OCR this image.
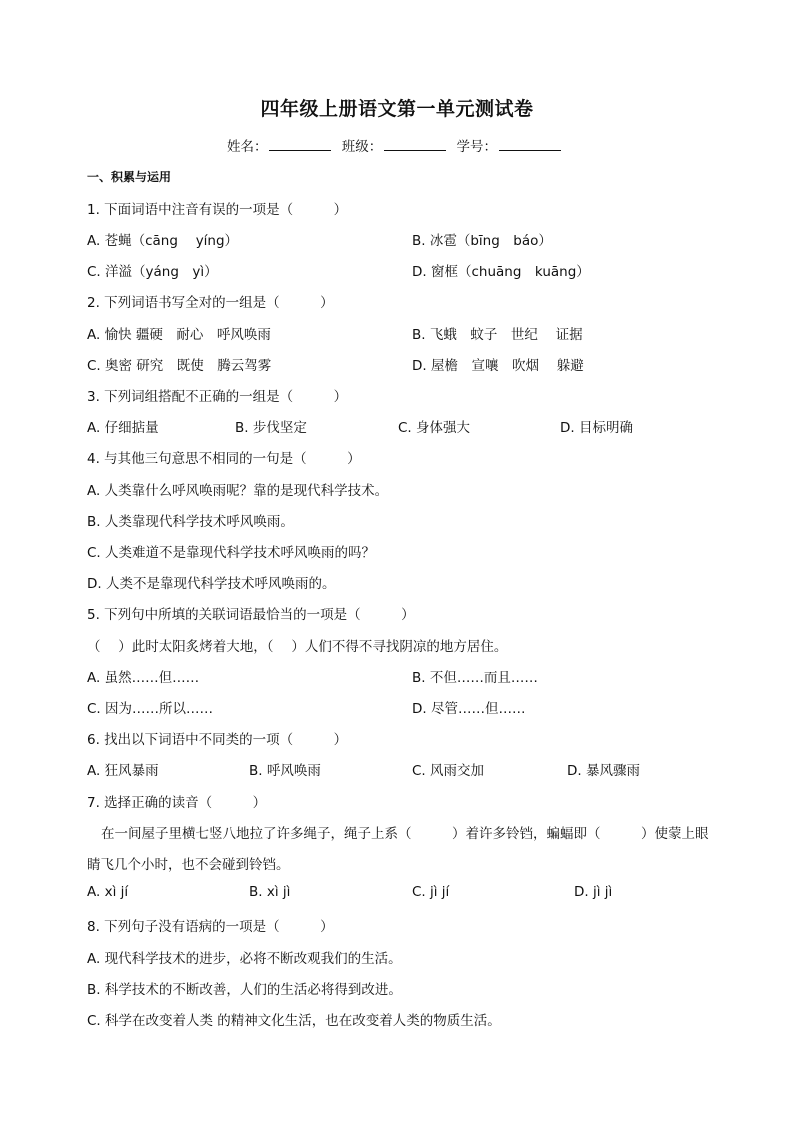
四年级上册语文第一单元测试卷
姓名：	班级：	学号：
一、积累与运用
1. 下面词语中注音有误的一项是（　　　）
A. 苍蝇（cāng　 yíng）	B. 冰雹（bīng　báo）
C. 洋溢（yáng　yì）	D. 窗框（chuāng　kuāng）
2. 下列词语书写全对的一组是（　　　）
A. 愉快 疆硬　耐心　呼风唤雨	B. 飞蛾　蚊子　世纪　 证据
C. 奥密 研究　既使　腾云驾雾	D. 屋檐　宣嚷　吹烟　 躲避
3. 下列词组搭配不正确的一组是（　　　）
A. 仔细掂量	B. 步伐坚定	C. 身体强大	D. 目标明确
4. 与其他三句意思不相同的一句是（　　　）
A. 人类靠什么呼风唤雨呢？靠的是现代科学技术。
B. 人类靠现代科学技术呼风唤雨。
C. 人类难道不是靠现代科学技术呼风唤雨的吗？
D. 人类不是靠现代科学技术呼风唤雨的。
5. 下列句中所填的关联词语最恰当的一项是（　　　）
（　 ）此时太阳炙烤着大地，（　 ）人们不得不寻找阴凉的地方居住。
A. 虽然……但……	B. 不但……而且……
C. 因为……所以……	D. 尽管……但……
6. 找出以下词语中不同类的一项（　　　）
A. 狂风暴雨	B. 呼风唤雨	C. 风雨交加	D. 暴风骤雨
7. 选择正确的读音（　　　）
在一间屋子里横七竖八地拉了许多绳子，绳子上系（　　　）着许多铃铛，蝙蝠即（　　　）使蒙上眼
睛飞几个小时，也不会碰到铃铛。
A. xì jí	B. xì jì	C. jì jí	D. jì jì
8. 下列句子没有语病的一项是（　　　）
A. 现代科学技术的进步，必将不断改观我们的生活。
B. 科学技术的不断改善，人们的生活必将得到改进。
C. 科学在改变着人类 的精神文化生活，也在改变着人类的物质生活。
